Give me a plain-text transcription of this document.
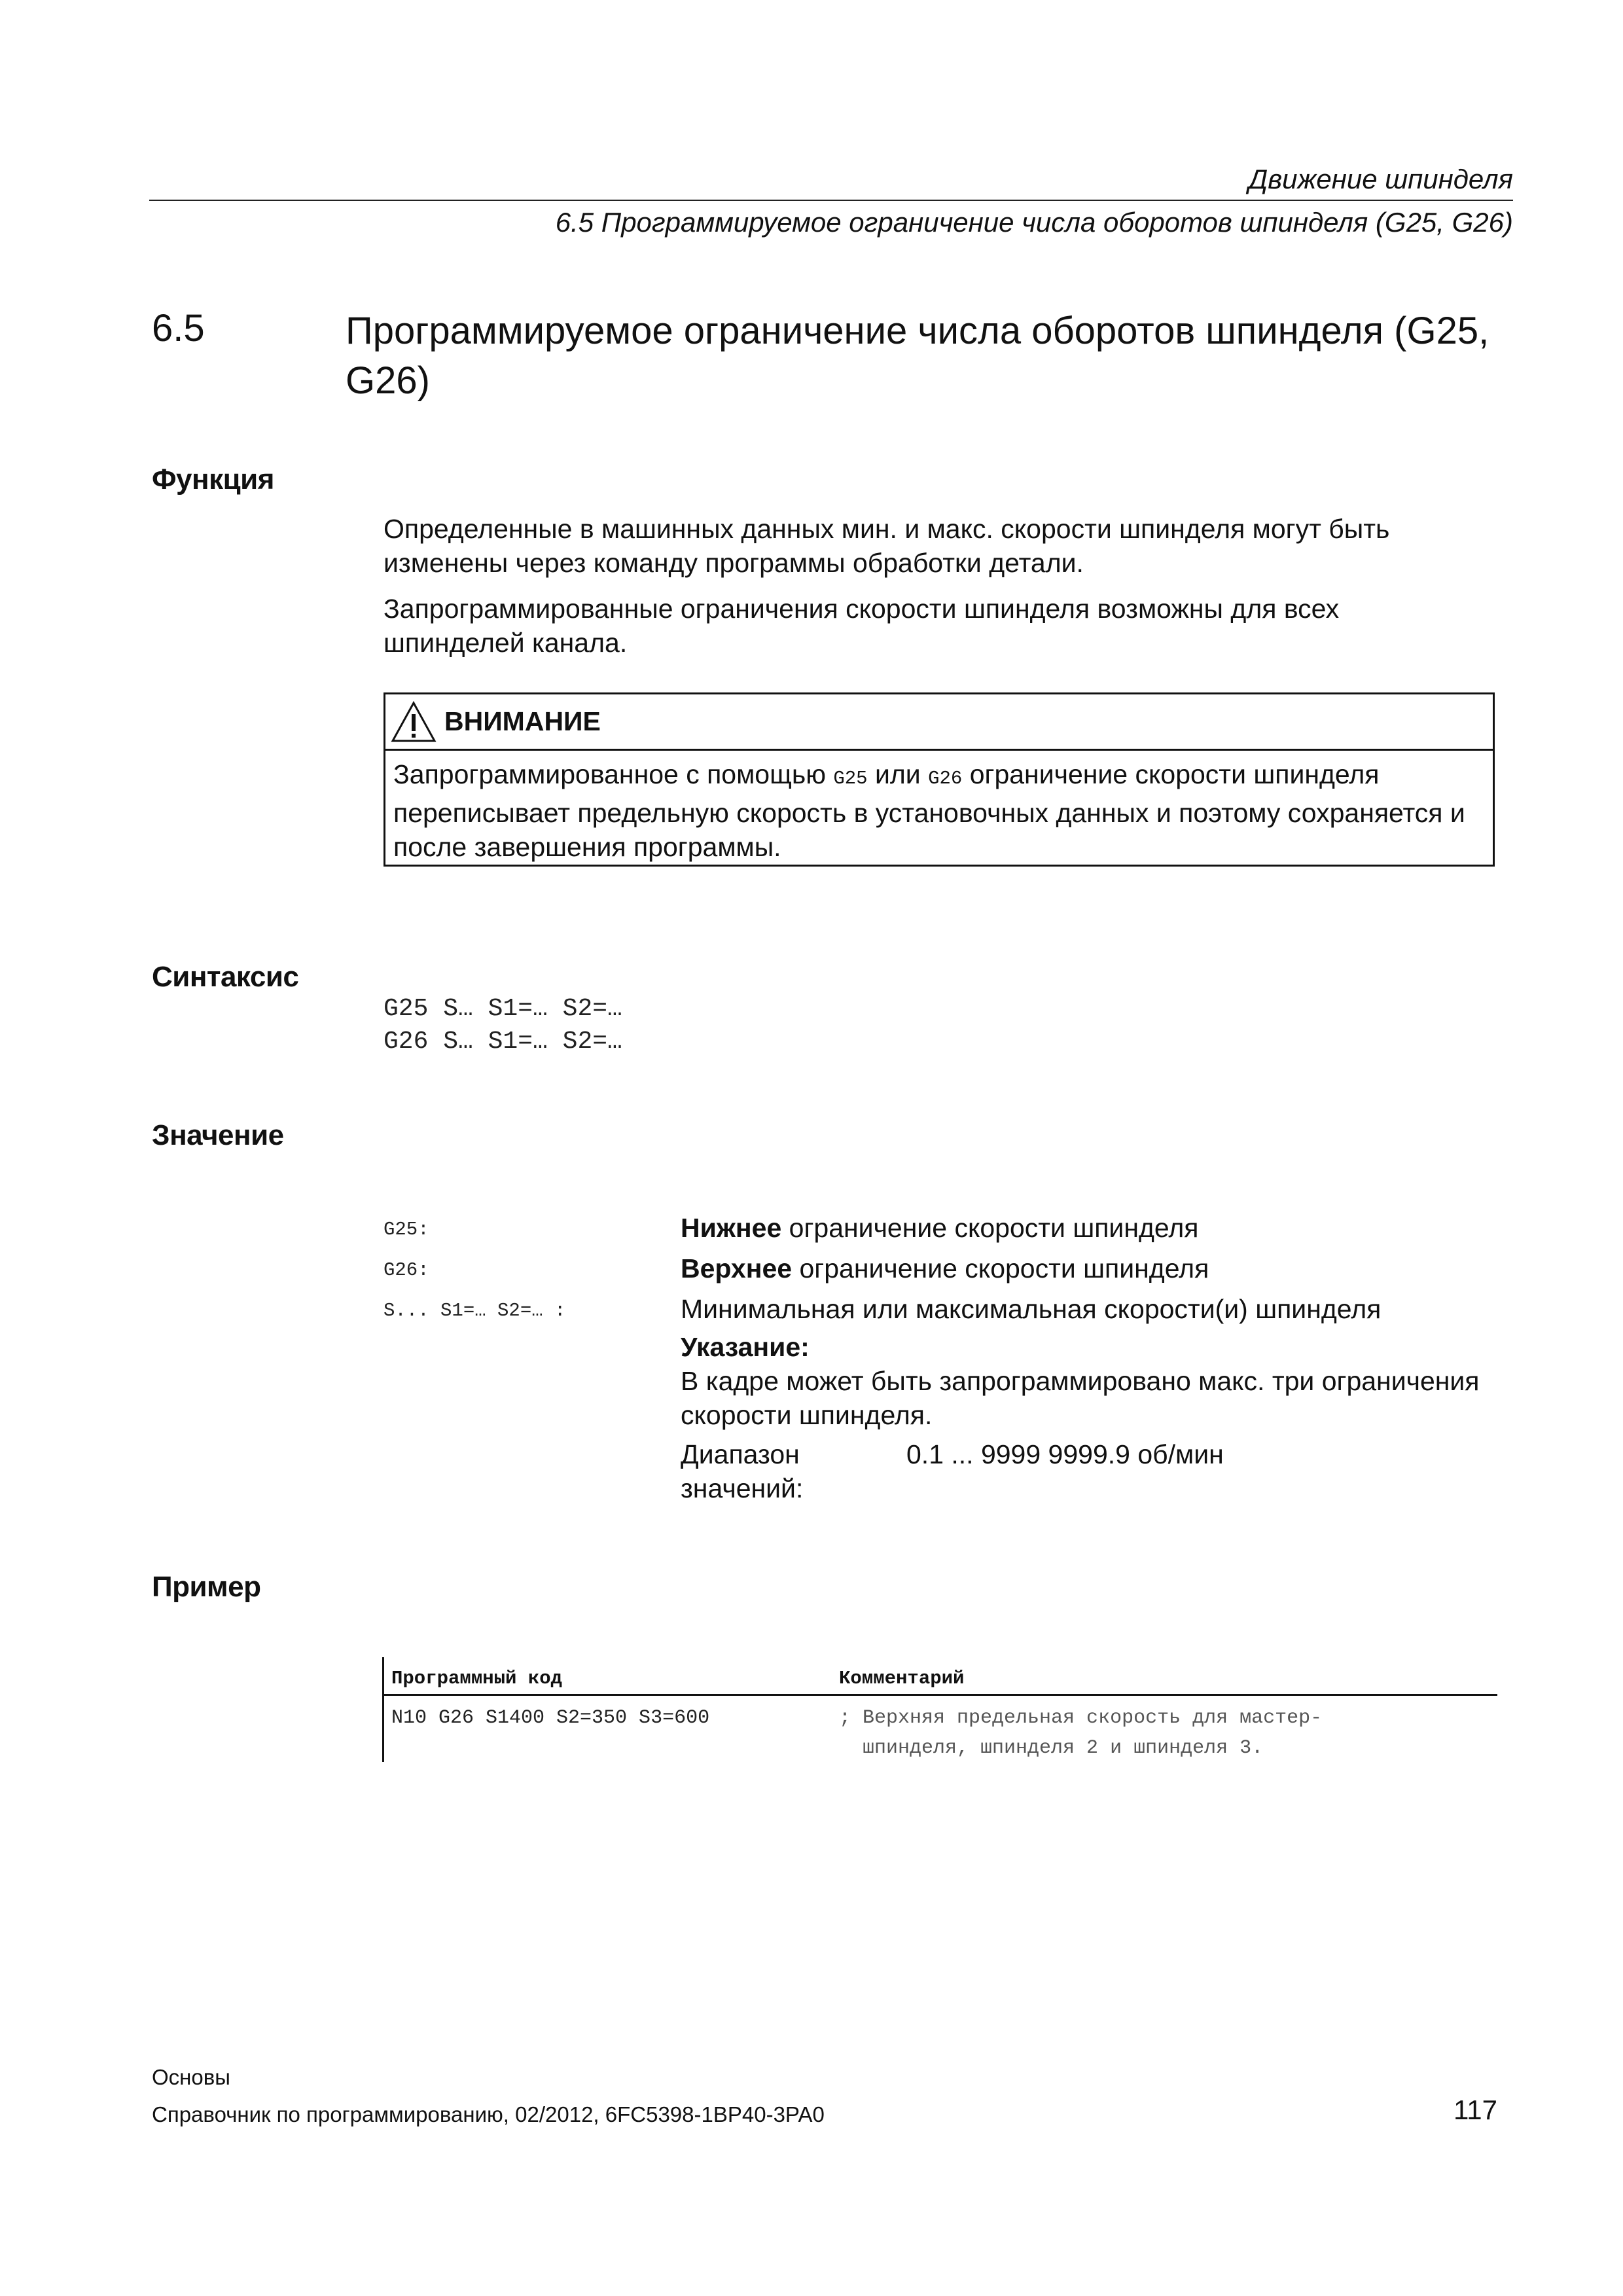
Движение шпинделя
6.5 Программируемое ограничение числа оборотов шпинделя (G25, G26)
6.5	Программируемое ограничение числа оборотов шпинделя (G25, G26)
Функция
Определенные в машинных данных мин. и макс. скорости шпинделя могут быть изменены через команду программы обработки детали.
Запрограммированные ограничения скорости шпинделя возможны для всех шпинделей канала.
ВНИМАНИЕ
Запрограммированное с помощью G25 или G26 ограничение скорости шпинделя переписывает предельную скорость в установочных данных и поэтому сохраняется и после завершения программы.
Синтаксис
G25 S… S1=… S2=…
G26 S… S1=… S2=…
Значение
G25:	Нижнее ограничение скорости шпинделя
G26:	Верхнее ограничение скорости шпинделя
S... S1=… S2=… :	Минимальная или максимальная скорости(и) шпинделя
Указание:
В кадре может быть запрограммировано макс. три ограничения скорости шпинделя.
Диапазон значений:
0.1 ... 9999 9999.9 об/мин
Пример
Программный код	Комментарий
N10 G26 S1400 S2=350 S3=600	; Верхняя предельная скорость для мастер-
шпинделя, шпинделя 2 и шпинделя 3.
Основы
Справочник по программированию, 02/2012, 6FC5398-1BP40-3PA0	117
